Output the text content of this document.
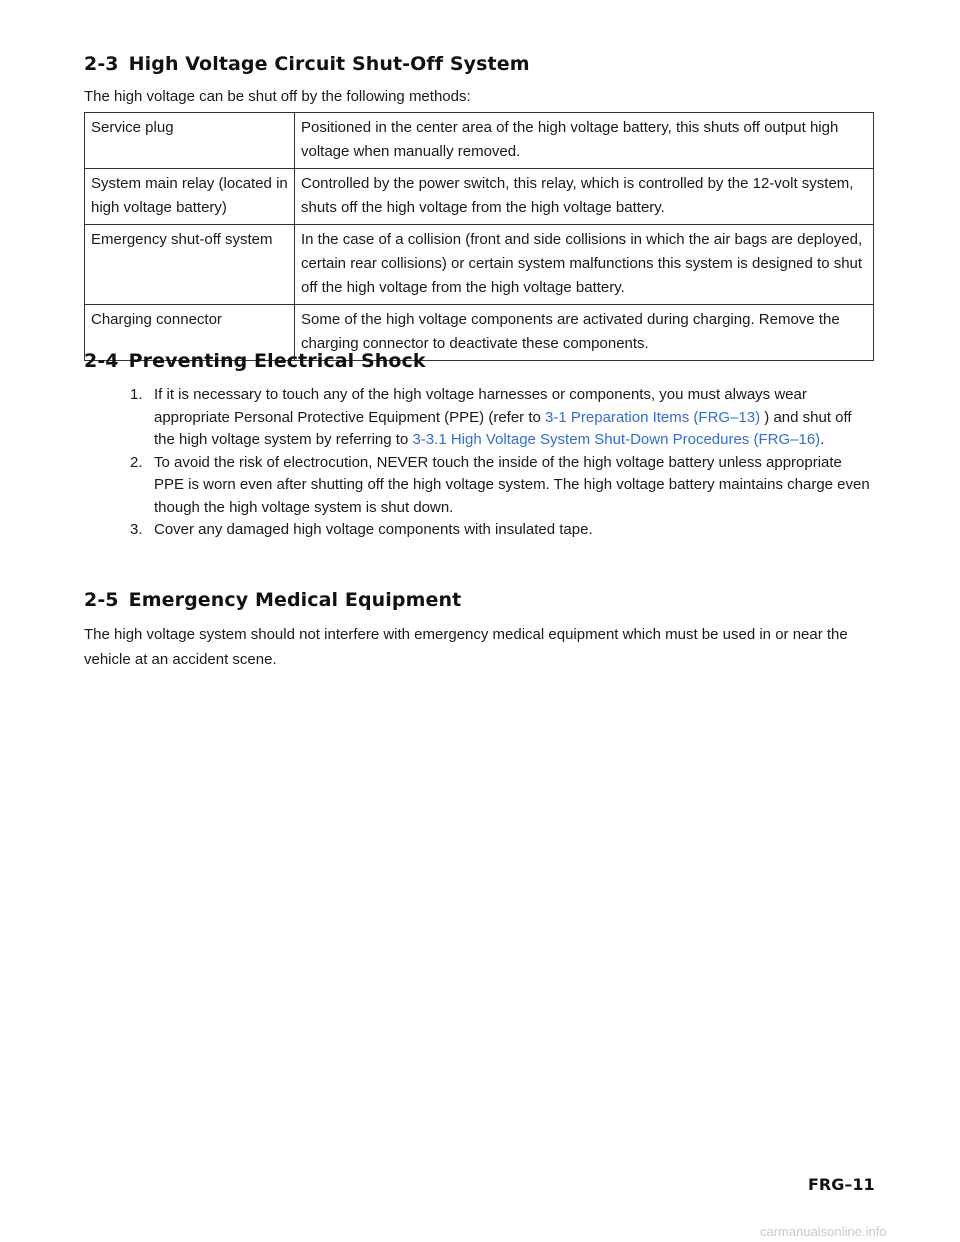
2-3 High Voltage Circuit Shut-Off System
The high voltage can be shut off by the following methods:
Service plug	Positioned in the center area of the high voltage battery, this shuts off output high voltage when manually removed.
System main relay (located in high voltage battery)	Controlled by the power switch, this relay, which is controlled by the 12-volt system, shuts off the high voltage from the high voltage battery.
Emergency shut-off system	In the case of a collision (front and side collisions in which the air bags are deployed, certain rear collisions) or certain system malfunctions this system is designed to shut off the high voltage from the high voltage battery.
Charging connector	Some of the high voltage components are activated during charging. Remove the charging connector to deactivate these components.
2-4 Preventing Electrical Shock
1. If it is necessary to touch any of the high voltage harnesses or components, you must always wear appropriate Personal Protective Equipment (PPE) (refer to 3-1 Preparation Items (FRG–13) ) and shut off the high voltage system by referring to 3-3.1 High Voltage System Shut-Down Procedures (FRG–16).
2. To avoid the risk of electrocution, NEVER touch the inside of the high voltage battery unless appropriate PPE is worn even after shutting off the high voltage system. The high voltage battery maintains charge even though the high voltage system is shut down.
3. Cover any damaged high voltage components with insulated tape.
2-5 Emergency Medical Equipment
The high voltage system should not interfere with emergency medical equipment which must be used in or near the vehicle at an accident scene.
FRG–11
carmanualsonline.info
